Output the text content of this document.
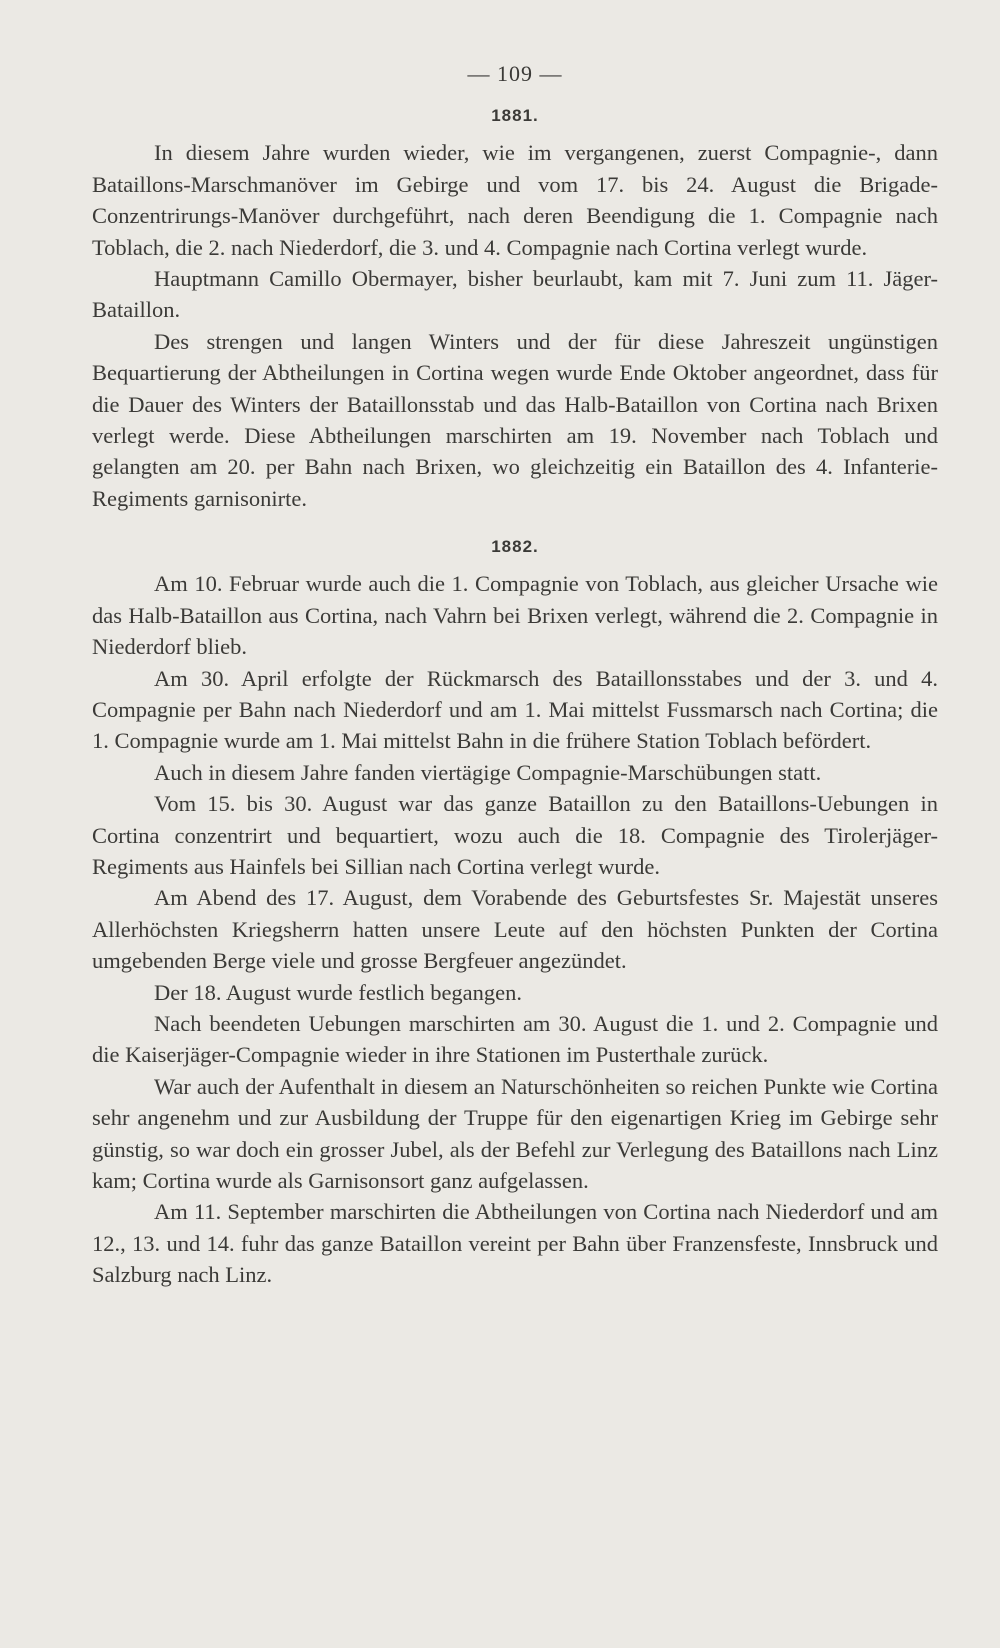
— 109 —
1881.

In diesem Jahre wurden wieder, wie im vergangenen, zuerst Compagnie-, dann Bataillons-Marschmanöver im Gebirge und vom 17. bis 24. August die Brigade-Conzentrirungs-Manöver durchgeführt, nach deren Beendigung die 1. Compagnie nach Toblach, die 2. nach Niederdorf, die 3. und 4. Compagnie nach Cortina verlegt wurde.

Hauptmann Camillo Obermayer, bisher beurlaubt, kam mit 7. Juni zum 11. Jäger-Bataillon.

Des strengen und langen Winters und der für diese Jahreszeit ungünstigen Bequartierung der Abtheilungen in Cortina wegen wurde Ende Oktober angeordnet, dass für die Dauer des Winters der Bataillonsstab und das Halb-Bataillon von Cortina nach Brixen verlegt werde. Diese Abtheilungen marschirten am 19. November nach Toblach und gelangten am 20. per Bahn nach Brixen, wo gleichzeitig ein Bataillon des 4. Infanterie-Regiments garnisonirte.

1882.

Am 10. Februar wurde auch die 1. Compagnie von Toblach, aus gleicher Ursache wie das Halb-Bataillon aus Cortina, nach Vahrn bei Brixen verlegt, während die 2. Compagnie in Niederdorf blieb.

Am 30. April erfolgte der Rückmarsch des Bataillonsstabes und der 3. und 4. Compagnie per Bahn nach Niederdorf und am 1. Mai mittelst Fussmarsch nach Cortina; die 1. Compagnie wurde am 1. Mai mittelst Bahn in die frühere Station Toblach befördert.

Auch in diesem Jahre fanden viertägige Compagnie-Marschübungen statt.

Vom 15. bis 30. August war das ganze Bataillon zu den Bataillons-Uebungen in Cortina conzentrirt und bequartiert, wozu auch die 18. Compagnie des Tirolerjäger-Regiments aus Hainfels bei Sillian nach Cortina verlegt wurde.

Am Abend des 17. August, dem Vorabende des Geburtsfestes Sr. Majestät unseres Allerhöchsten Kriegsherrn hatten unsere Leute auf den höchsten Punkten der Cortina umgebenden Berge viele und grosse Bergfeuer angezündet.

Der 18. August wurde festlich begangen.

Nach beendeten Uebungen marschirten am 30. August die 1. und 2. Compagnie und die Kaiserjäger-Compagnie wieder in ihre Stationen im Pusterthale zurück.

War auch der Aufenthalt in diesem an Naturschönheiten so reichen Punkte wie Cortina sehr angenehm und zur Ausbildung der Truppe für den eigenartigen Krieg im Gebirge sehr günstig, so war doch ein grosser Jubel, als der Befehl zur Verlegung des Bataillons nach Linz kam; Cortina wurde als Garnisonsort ganz aufgelassen.

Am 11. September marschirten die Abtheilungen von Cortina nach Niederdorf und am 12., 13. und 14. fuhr das ganze Bataillon vereint per Bahn über Franzensfeste, Innsbruck und Salzburg nach Linz.
